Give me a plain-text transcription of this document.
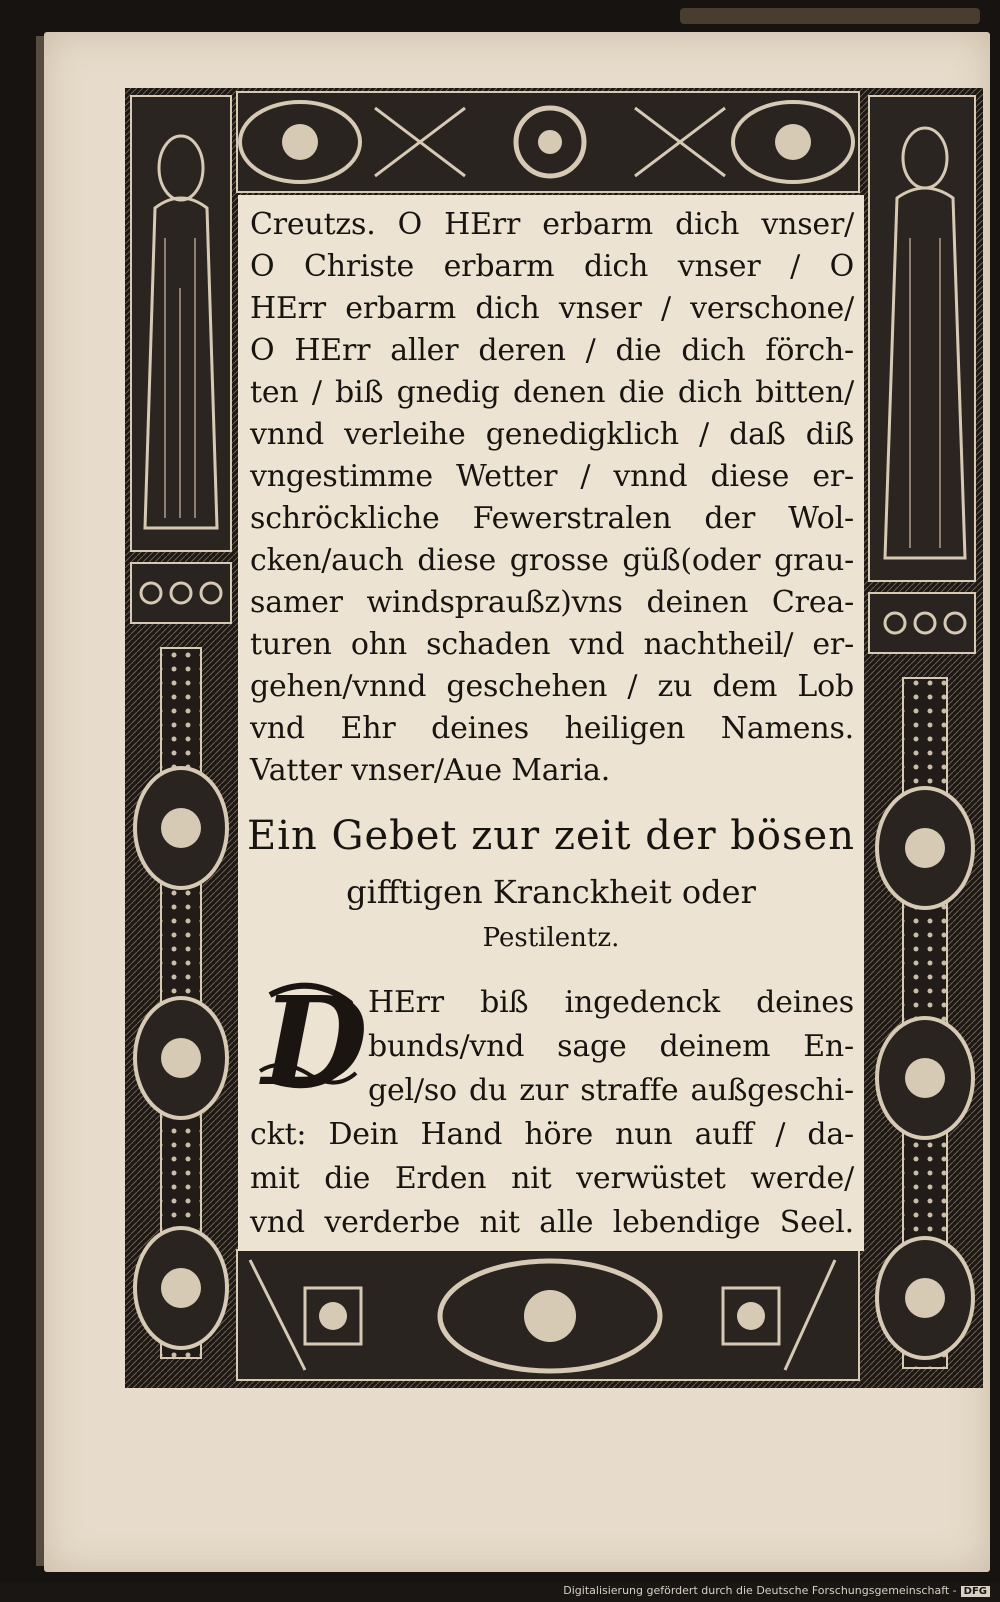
Creutzs. O HErr erbarm dich vnser/
O Christe erbarm dich vnser / O
HErr erbarm dich vnser / verschone/
O HErr aller deren / die dich förch-
ten / biß gnedig denen die dich bitten/
vnnd verleihe genedigklich / daß diß
vngestimme Wetter / vnnd diese er-
schröckliche Fewerstralen der Wol-
cken/auch diese grosse güß(oder grau-
samer windspraußz)vns deinen Crea-
turen ohn schaden vnd nachtheil/ er-
gehen/vnnd geschehen / zu dem Lob
vnd Ehr deines heiligen Namens.
Vatter vnser/Aue Maria.
Ein Gebet zur zeit der bösen
gifftigen Kranckheit oder
Pestilentz.
D HErr biß ingedenck deines
bunds/vnd sage deinem En-
gel/so du zur straffe außgeschi-
ckt: Dein Hand höre nun auff / da-
mit die Erden nit verwüstet werde/
vnd verderbe nit alle lebendige Seel.
Digitalisierung gefördert durch die Deutsche Forschungsgemeinschaft - DFG
